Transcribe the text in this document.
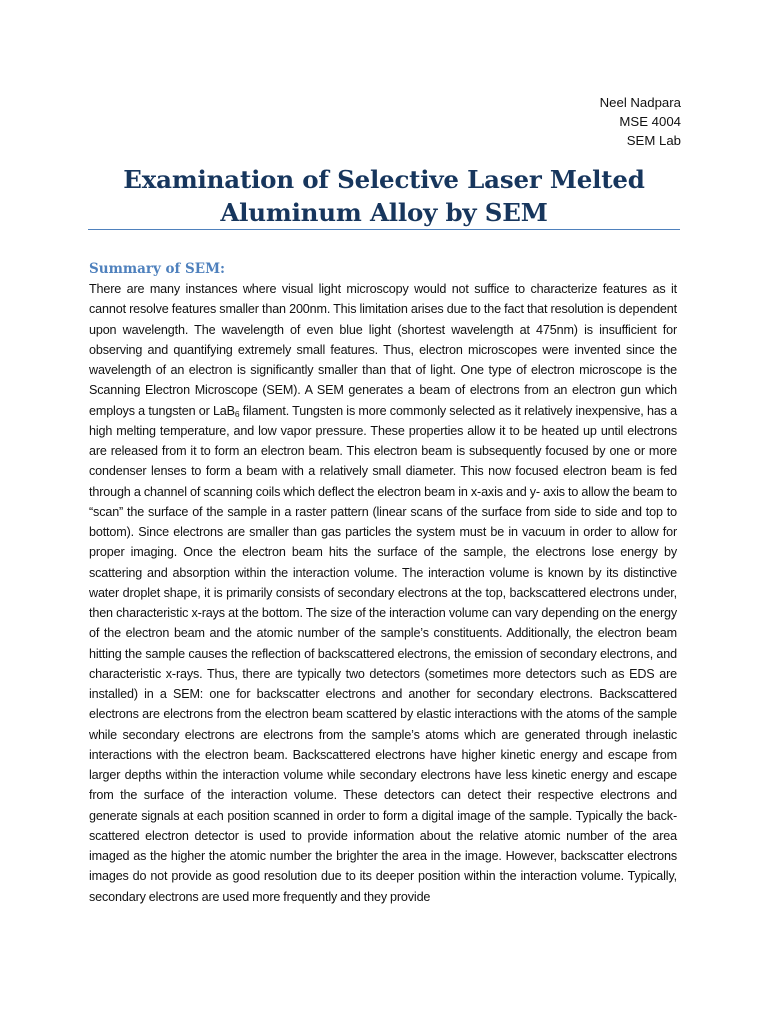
Neel Nadpara
MSE 4004
SEM Lab
Examination of Selective Laser Melted Aluminum Alloy by SEM
Summary of SEM:

There are many instances where visual light microscopy would not suffice to characterize features as it cannot resolve features smaller than 200nm. This limitation arises due to the fact that resolution is dependent upon wavelength. The wavelength of even blue light (shortest wavelength at 475nm) is insufficient for observing and quantifying extremely small features. Thus, electron microscopes were invented since the wavelength of an electron is significantly smaller than that of light. One type of electron microscope is the Scanning Electron Microscope (SEM). A SEM generates a beam of electrons from an electron gun which employs a tungsten or LaB$_6$ filament. Tungsten is more commonly selected as it relatively inexpensive, has a high melting temperature, and low vapor pressure. These properties allow it to be heated up until electrons are released from it to form an electron beam. This electron beam is subsequently focused by one or more condenser lenses to form a beam with a relatively small diameter. This now focused electron beam is fed through a channel of scanning coils which deflect the electron beam in x-axis and y- axis to allow the beam to “scan” the surface of the sample in a raster pattern (linear scans of the surface from side to side and top to bottom). Since electrons are smaller than gas particles the system must be in vacuum in order to allow for proper imaging. Once the electron beam hits the surface of the sample, the electrons lose energy by scattering and absorption within the interaction volume. The interaction volume is known by its distinctive water droplet shape, it is primarily consists of secondary electrons at the top, backscattered electrons under, then characteristic x-rays at the bottom. The size of the interaction volume can vary depending on the energy of the electron beam and the atomic number of the sample’s constituents. Additionally, the electron beam hitting the sample causes the reflection of backscattered electrons, the emission of secondary electrons, and characteristic x-rays. Thus, there are typically two detectors (sometimes more detectors such as EDS are installed) in a SEM: one for backscatter electrons and another for secondary electrons. Backscattered electrons are electrons from the electron beam scattered by elastic interactions with the atoms of the sample while secondary electrons are electrons from the sample’s atoms which are generated through inelastic interactions with the electron beam. Backscattered electrons have higher kinetic energy and escape from larger depths within the interaction volume while secondary electrons have less kinetic energy and escape from the surface of the interaction volume. These detectors can detect their respective electrons and generate signals at each position scanned in order to form a digital image of the sample. Typically the back-scattered electron detector is used to provide information about the relative atomic number of the area imaged as the higher the atomic number the brighter the area in the image. However, backscatter electrons images do not provide as good resolution due to its deeper position within the interaction volume. Typically, secondary electrons are used more frequently and they provide
